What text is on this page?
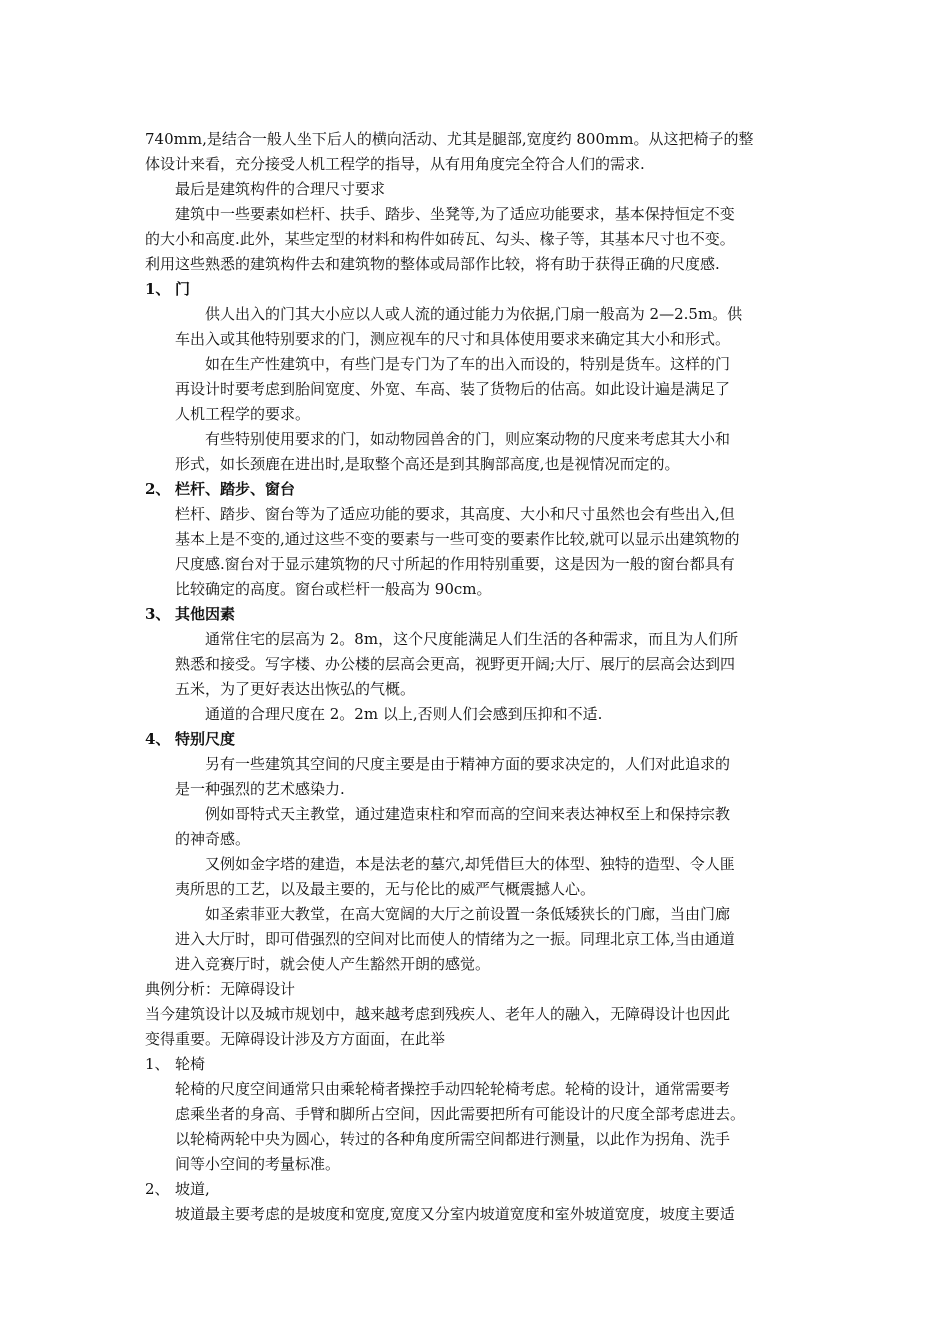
740mm,是结合一般人坐下后人的横向活动、尤其是腿部,宽度约 800mm。从这把椅子的整
体设计来看，充分接受人机工程学的指导，从有用角度完全符合人们的需求.
最后是建筑构件的合理尺寸要求
建筑中一些要素如栏杆、扶手、踏步、坐凳等,为了适应功能要求，基本保持恒定不变
的大小和高度.此外，某些定型的材料和构件如砖瓦、勾头、椽子等，其基本尺寸也不变。
利用这些熟悉的建筑构件去和建筑物的整体或局部作比较，将有助于获得正确的尺度感.
1、 门
供人出入的门其大小应以人或人流的通过能力为依据,门扇一般高为 2—2.5m。供
车出入或其他特别要求的门，测应视车的尺寸和具体使用要求来确定其大小和形式。
如在生产性建筑中，有些门是专门为了车的出入而设的，特别是货车。这样的门
再设计时要考虑到胎间宽度、外宽、车高、装了货物后的估高。如此设计遍是满足了
人机工程学的要求。
有些特别使用要求的门，如动物园兽舍的门，则应案动物的尺度来考虑其大小和
形式，如长颈鹿在进出时,是取整个高还是到其胸部高度,也是视情况而定的。
2、 栏杆、踏步、窗台
栏杆、踏步、窗台等为了适应功能的要求，其高度、大小和尺寸虽然也会有些出入,但
基本上是不变的,通过这些不变的要素与一些可变的要素作比较,就可以显示出建筑物的
尺度感.窗台对于显示建筑物的尺寸所起的作用特别重要，这是因为一般的窗台都具有
比较确定的高度。窗台或栏杆一般高为 90cm。
3、 其他因素
通常住宅的层高为 2。8m，这个尺度能满足人们生活的各种需求，而且为人们所
熟悉和接受。写字楼、办公楼的层高会更高，视野更开阔;大厅、展厅的层高会达到四
五米，为了更好表达出恢弘的气概。
通道的合理尺度在 2。2m 以上,否则人们会感到压抑和不适.
4、 特别尺度
另有一些建筑其空间的尺度主要是由于精神方面的要求决定的，人们对此追求的
是一种强烈的艺术感染力.
例如哥特式天主教堂，通过建造束柱和窄而高的空间来表达神权至上和保持宗教
的神奇感。
又例如金字塔的建造，本是法老的墓穴,却凭借巨大的体型、独特的造型、令人匪
夷所思的工艺，以及最主要的，无与伦比的威严气概震撼人心。
如圣索菲亚大教堂，在高大宽阔的大厅之前设置一条低矮狭长的门廊，当由门廊
进入大厅时，即可借强烈的空间对比而使人的情绪为之一振。同理北京工体,当由通道
进入竞赛厅时，就会使人产生豁然开朗的感觉。
典例分析：无障碍设计
当今建筑设计以及城市规划中，越来越考虑到残疾人、老年人的融入，无障碍设计也因此
变得重要。无障碍设计涉及方方面面，在此举
1、 轮椅
轮椅的尺度空间通常只由乘轮椅者操控手动四轮轮椅考虑。轮椅的设计，通常需要考
虑乘坐者的身高、手臂和脚所占空间，因此需要把所有可能设计的尺度全部考虑进去。
以轮椅两轮中央为圆心，转过的各种角度所需空间都进行测量，以此作为拐角、洗手
间等小空间的考量标准。
2、 坡道,
坡道最主要考虑的是坡度和宽度,宽度又分室内坡道宽度和室外坡道宽度，坡度主要适
